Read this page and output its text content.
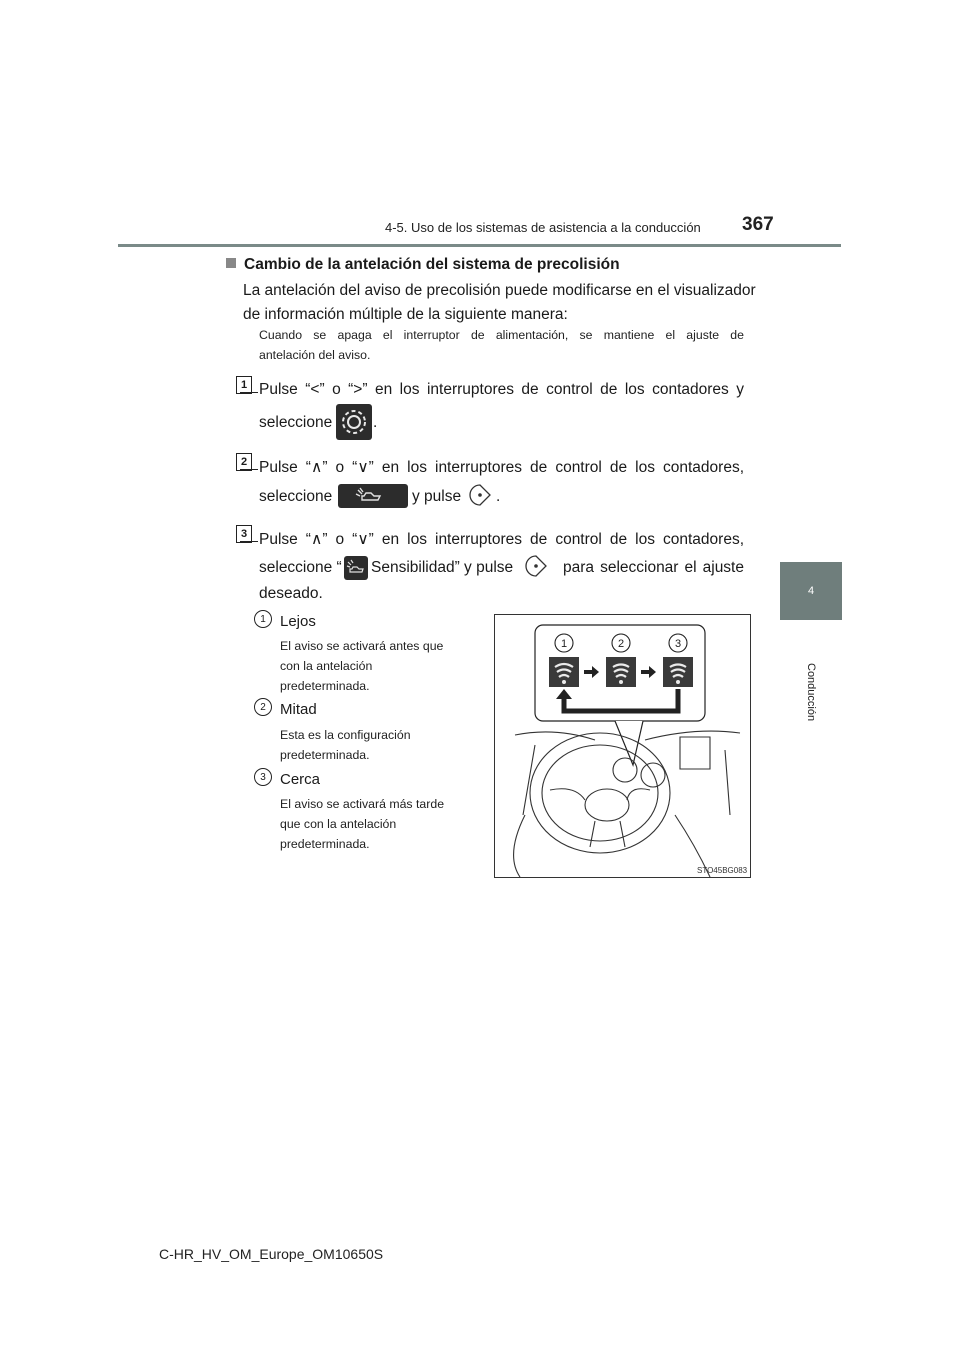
4-5. Uso de los sistemas de asistencia a la conducción 367
4
Conducción
Cambio de la antelación del sistema de precolisión
La antelación del aviso de precolisión puede modificarse en el visualizador
de información múltiple de la siguiente manera:
Cuando se apaga el interruptor de alimentación, se mantiene el ajuste de
antelación del aviso.
1 Pulse “<” o “>” en los interruptores de control de los contadores y
seleccione	.
2 Pulse “∧” o “∨” en los interruptores de control de los contadores,
seleccione	y pulse .
3 Pulse “∧” o “∨” en los interruptores de control de los contadores,
seleccione “ Sensibilidad” y pulse	para seleccionar el ajuste
deseado.
1 Lejos
El aviso se activará antes que
con la antelación
predeterminada.
2 Mitad
Esta es la configuración
predeterminada.
3 Cerca
El aviso se activará más tarde
que con la antelación
predeterminada.
1	2	3
STO45BG083
C-HR_HV_OM_Europe_OM10650S
